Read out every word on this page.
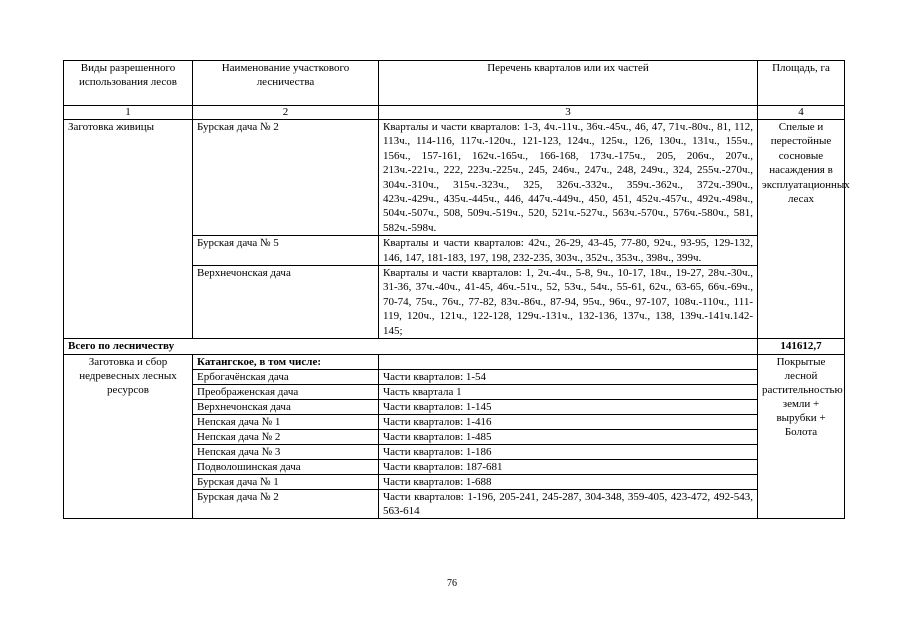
Виды разрешенного использования лесов	Наименование участкового лесничества	Перечень кварталов или их частей	Площадь, га
1	2	3	4
Заготовка живицы	Бурская дача № 2	Кварталы и части кварталов: 1-3, 4ч.-11ч., 36ч.-45ч., 46, 47, 71ч.-80ч., 81, 112, 113ч., 114-116, 117ч.-120ч., 121-123, 124ч., 125ч., 126, 130ч., 131ч., 155ч., 156ч., 157-161, 162ч.-165ч., 166-168, 173ч.-175ч., 205, 206ч., 207ч., 213ч.-221ч., 222, 223ч.-225ч., 245, 246ч., 247ч., 248, 249ч., 324, 255ч.-270ч., 304ч.-310ч., 315ч.-323ч., 325, 326ч.-332ч., 359ч.-362ч., 372ч.-390ч., 423ч.-429ч., 435ч.-445ч., 446, 447ч.-449ч., 450, 451, 452ч.-457ч., 492ч.-498ч., 504ч.-507ч., 508, 509ч.-519ч., 520, 521ч.-527ч., 563ч.-570ч., 576ч.-580ч., 581, 582ч.-598ч.	Спелые и перестойные сосновые насаждения в эксплуатационных лесах
	Бурская дача № 5	Кварталы и части кварталов: 42ч., 26-29, 43-45, 77-80, 92ч., 93-95, 129-132, 146, 147, 181-183, 197, 198, 232-235, 303ч., 352ч., 353ч., 398ч., 399ч.	
	Верхнечонская дача	Кварталы и части кварталов: 1, 2ч.-4ч., 5-8, 9ч., 10-17, 18ч., 19-27, 28ч.-30ч., 31-36, 37ч.-40ч., 41-45, 46ч.-51ч., 52, 53ч., 54ч., 55-61, 62ч., 63-65, 66ч.-69ч., 70-74, 75ч., 76ч., 77-82, 83ч.-86ч., 87-94, 95ч., 96ч., 97-107, 108ч.-110ч., 111-119, 120ч., 121ч., 122-128, 129ч.-131ч., 132-136, 137ч., 138, 139ч.-141ч.142-145;	
Всего по лесничеству			141612,7
Заготовка и сбор недревесных лесных ресурсов	Катангское, в том числе:		Покрытые лесной растительностью земли + вырубки + Болота
	Ербогачёнская дача	Части кварталов: 1-54	
	Преображенская дача	Часть квартала 1	
	Верхнечонская дача	Части кварталов: 1-145	
	Непская дача № 1	Части кварталов: 1-416	
	Непская дача № 2	Части кварталов: 1-485	
	Непская дача № 3	Части кварталов: 1-186	
	Подволошинская дача	Части кварталов: 187-681	
	Бурская дача № 1	Части кварталов: 1-688	
	Бурская дача № 2	Части кварталов: 1-196, 205-241, 245-287, 304-348, 359-405, 423-472, 492-543, 563-614	
76
